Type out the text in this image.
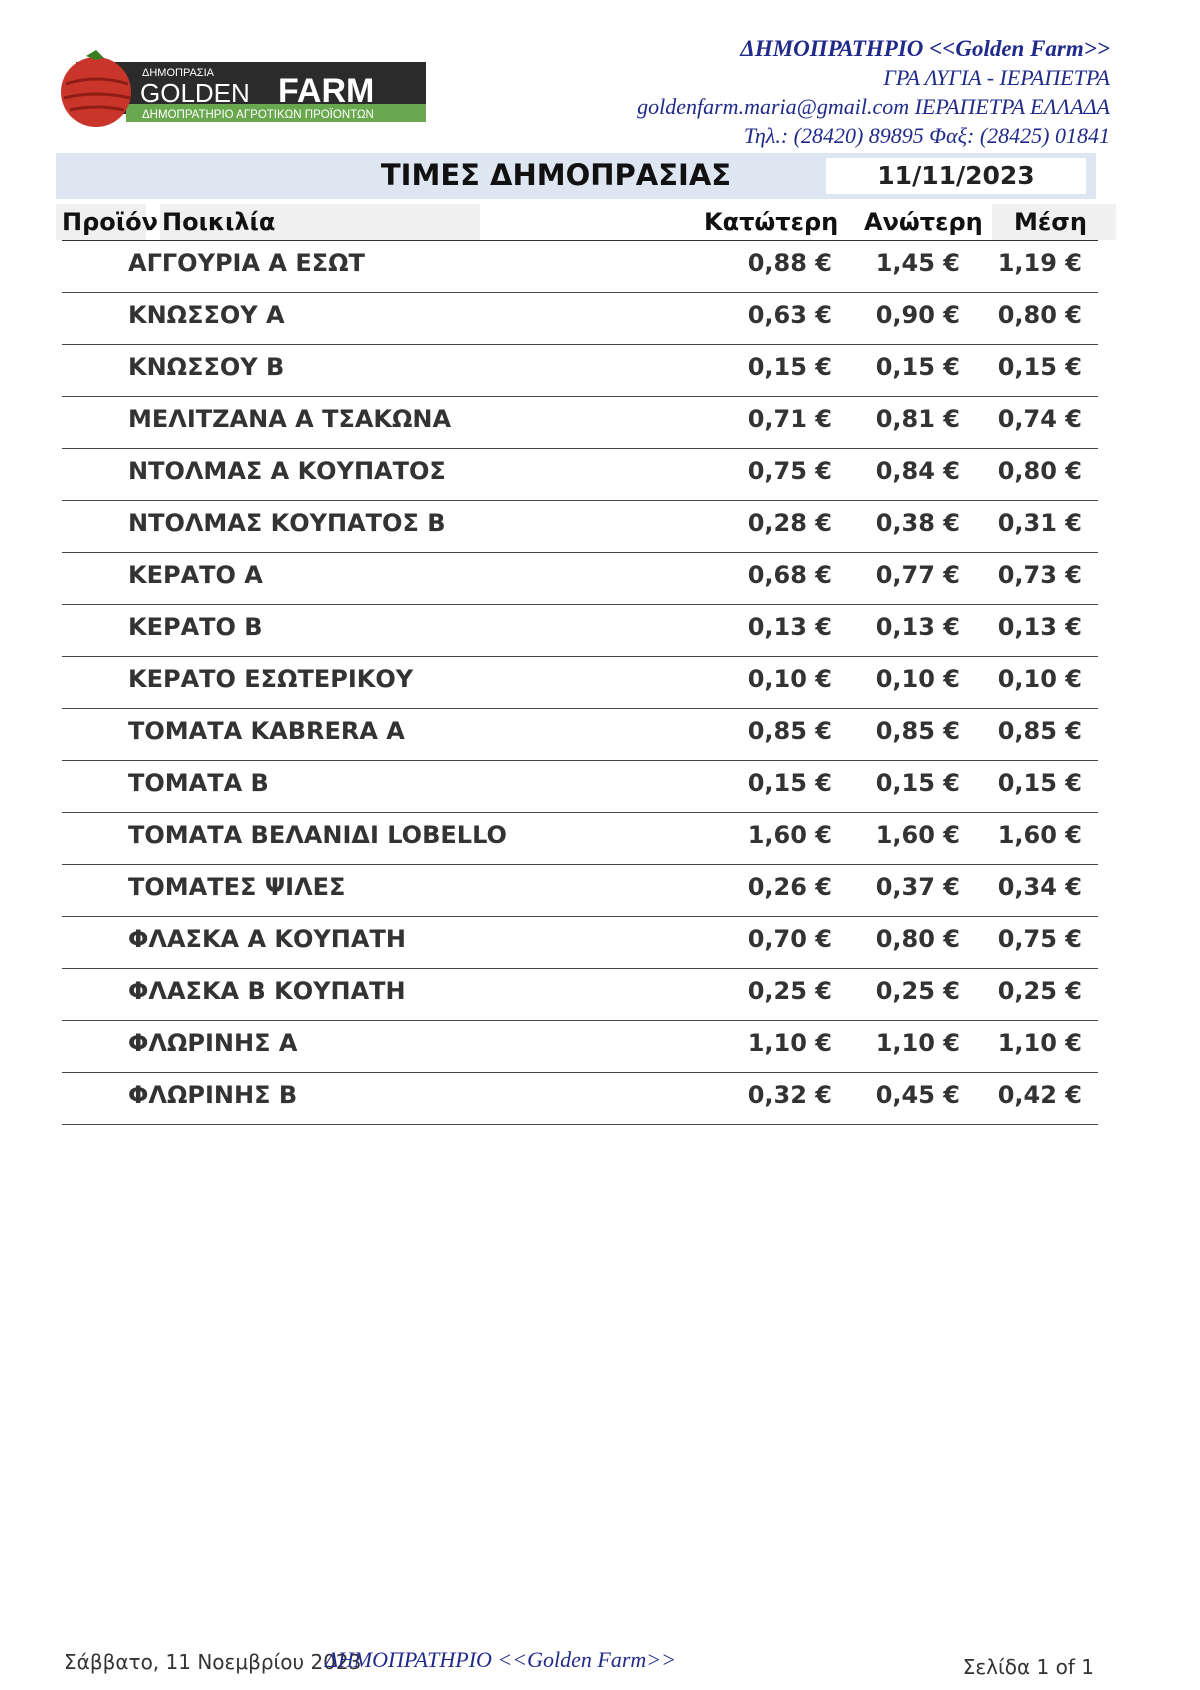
ΔΗΜΟΠΡΑΣΙΑ
GOLDEN FARM
ΔΗΜΟΠΡΑΤΗΡΙΟ ΑΓΡΟΤΙΚΩΝ ΠΡΟΪΟΝΤΩΝ
ΔΗΜΟΠΡΑΤΗΡΙΟ <<Golden Farm>>
ΓΡΑ ΛΥΓΙΑ - ΙΕΡΑΠΕΤΡΑ
goldenfarm.maria@gmail.com ΙΕΡΑΠΕΤΡΑ ΕΛΛΑΔΑ
Τηλ.: (28420) 89895 Φαξ: (28425) 01841
ΤΙΜΕΣ ΔΗΜΟΠΡΑΣΙΑΣ	11/11/2023
Προϊόν Ποικιλία	Κατώτερη Ανώτερη Μέση
ΑΓΓΟΥΡΙΑ Α ΕΣΩΤ	0,88 € 1,45 € 1,19 €
ΚΝΩΣΣΟΥ Α	0,63 € 0,90 € 0,80 €
ΚΝΩΣΣΟΥ Β	0,15 € 0,15 € 0,15 €
ΜΕΛΙΤΖΑΝΑ Α ΤΣΑΚΩΝΑ	0,71 € 0,81 € 0,74 €
ΝΤΟΛΜΑΣ Α ΚΟΥΠΑΤΟΣ	0,75 € 0,84 € 0,80 €
ΝΤΟΛΜΑΣ ΚΟΥΠΑΤΟΣ Β	0,28 € 0,38 € 0,31 €
ΚΕΡΑΤΟ Α	0,68 € 0,77 € 0,73 €
ΚΕΡΑΤΟ Β	0,13 € 0,13 € 0,13 €
ΚΕΡΑΤΟ ΕΣΩΤΕΡΙΚΟΥ	0,10 € 0,10 € 0,10 €
ΤΟΜΑΤΑ KABRERA Α	0,85 € 0,85 € 0,85 €
ΤΟΜΑΤΑ Β	0,15 € 0,15 € 0,15 €
ΤΟΜΑΤΑ ΒΕΛΑΝΙΔΙ LOBELLO	1,60 € 1,60 € 1,60 €
ΤΟΜΑΤΕΣ ΨΙΛΕΣ	0,26 € 0,37 € 0,34 €
ΦΛΑΣΚΑ Α ΚΟΥΠΑΤΗ	0,70 € 0,80 € 0,75 €
ΦΛΑΣΚΑ Β ΚΟΥΠΑΤΗ	0,25 € 0,25 € 0,25 €
ΦΛΩΡΙΝΗΣ Α	1,10 € 1,10 € 1,10 €
ΦΛΩΡΙΝΗΣ Β	0,32 € 0,45 € 0,42 €
Σάββατο, 11 Νοεμβρίου 2023
ΔΗΜΟΠΡΑΤΗΡΙΟ <<Golden Farm>>	Σελίδα 1 of 1
